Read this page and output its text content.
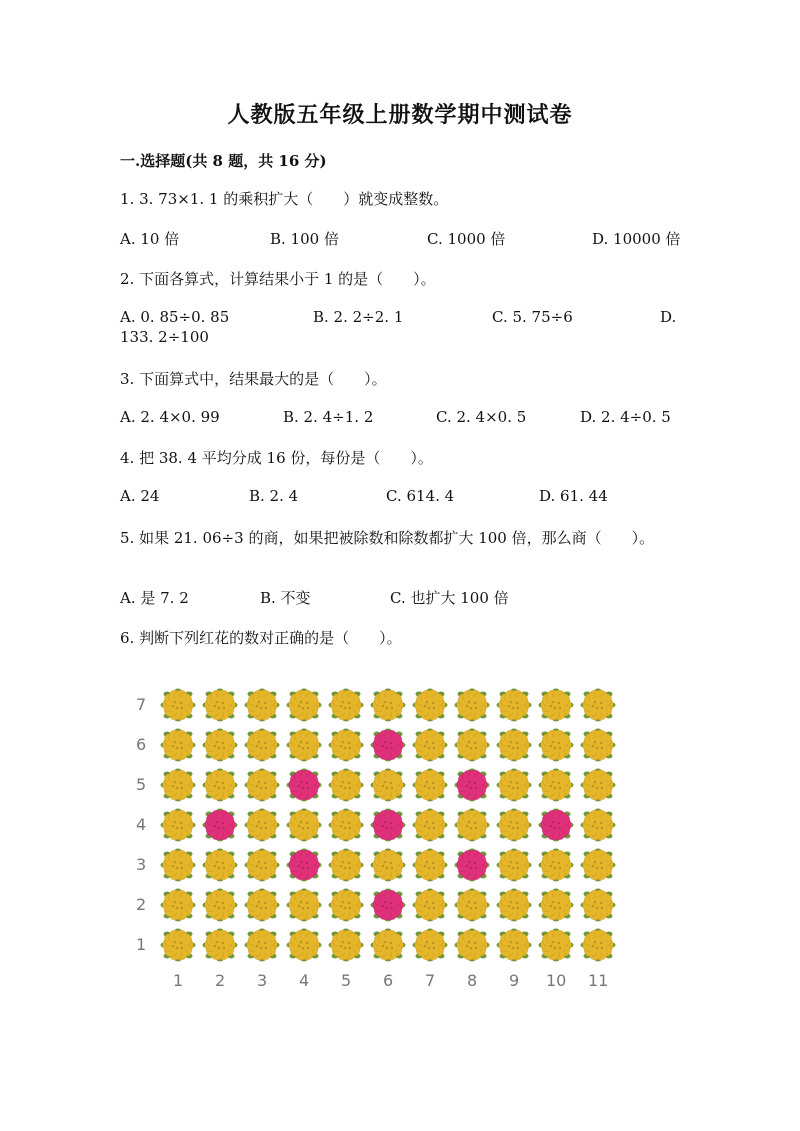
人教版五年级上册数学期中测试卷
一.选择题(共 8 题，共 16 分)
1. 3. 73×1. 1 的乘积扩大（　　）就变成整数。
A. 10 倍	B. 100 倍	C. 1000 倍	D. 10000 倍
2. 下面各算式，计算结果小于 1 的是（　　）。
A. 0. 85÷0. 85	B. 2. 2÷2. 1	C. 5. 75÷6	D.
133. 2÷100
3. 下面算式中，结果最大的是（　　）。
A. 2. 4×0. 99	B. 2. 4÷1. 2	C. 2. 4×0. 5	D. 2. 4÷0. 5
4. 把 38. 4 平均分成 16 份，每份是（　　）。
A. 24	B. 2. 4	C. 614. 4	D. 61. 44
5. 如果 21. 06÷3 的商，如果把被除数和除数都扩大 100 倍，那么商（　　）。
A. 是 7. 2	B. 不变	C. 也扩大 100 倍
6. 判断下列红花的数对正确的是（　　）。
1
2
3
4
5
6
7
1 2 3 4 5 6 7 8 9 10 11
